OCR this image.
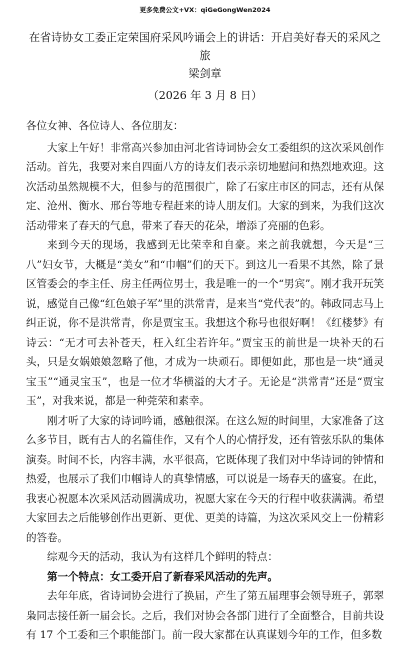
更多免费公文+VX：qiGeGongWen2024
在省诗协女工委正定荣国府采风吟诵会上的讲话：开启美好春天的采风之旅
梁剑章
（2026 年 3 月 8 日）
各位女神、各位诗人、各位朋友：

大家上午好！非常高兴参加由河北省诗词协会女工委组织的这次采风创作活动。首先，我要对来自四面八方的诗友们表示亲切地慰问和热烈地欢迎。这次活动虽然规模不大，但参与的范围很广，除了石家庄市区的同志，还有从保定、沧州、衡水、邢台等地专程赶来的诗人朋友们。大家的到来，为我们这次活动带来了春天的气息，带来了春天的花朵，增添了亮丽的色彩。

来到今天的现场，我感到无比荣幸和自豪。来之前我就想，今天是“三八”妇女节，大概是“美女”和“巾帼”们的天下。到这儿一看果不其然，除了景区管委会的李主任、房主任两位男士，我是唯一的一个“男宾”。刚才我开玩笑说，感觉自己像“红色娘子军”里的洪常青，是来当“党代表”的。韩政同志马上纠正说，你不是洪常青，你是贾宝玉。我想这个称号也很好啊！《红楼梦》有诗云：“无才可去补苍天，枉入红尘若许年。”贾宝玉的前世是一块补天的石头，只是女娲娘娘忽略了他，才成为一块顽石。即便如此，那也是一块“通灵宝玉”“通灵宝玉”，也是一位才华横溢的大才子。无论是“洪常青”还是“贾宝玉”，对我来说，都是一种莞荣和素幸。

刚才听了大家的诗词吟诵，感触很深。在这么短的时间里，大家准备了这么多节目，既有古人的名篇佳作，又有个人的心情抒发，还有管弦乐队的集体演奏。时间不长，内容丰满，水平很高，它既体现了我们对中华诗词的钟情和热爱，也展示了我们巾帼诗人的真挚情感，可以说是一场春天的盛宴。在此，我衷心祝愿本次采风活动圆满成功，祝愿大家在今天的行程中收获满满。希望大家回去之后能够创作出更新、更优、更美的诗篇，为这次采风交上一份精彩的答卷。

综观今天的活动，我认为有这样几个鲜明的特点：

第一个特点：女工委开启了新春采风活动的先声。

去年年底，省诗词协会进行了换届，产生了第五届理事会领导班子，郭翠枭同志接任新一届会长。之后，我们对协会各部门进行了全面整合，目前共设有 17 个工委和三个职能部门。前一段大家都在认真谋划今年的工作，但多数
